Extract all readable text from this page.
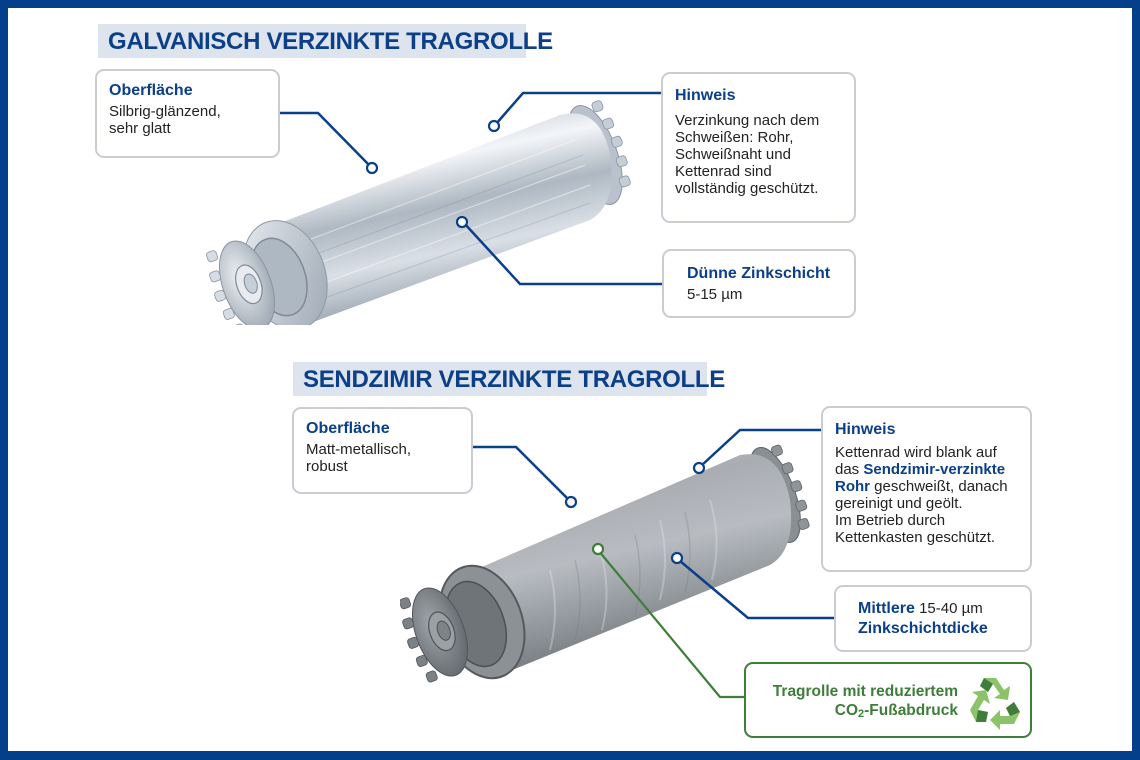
GALVANISCH VERZINKTE TRAGROLLE
Oberfläche
Silbrig-glänzend,
sehr glatt
Hinweis
Verzinkung nach dem
Schweißen: Rohr,
Schweißnaht und
Kettenrad sind
vollständig geschützt.
Dünne Zinkschicht
5-15 µm
SENDZIMIR VERZINKTE TRAGROLLE
Oberfläche
Matt-metallisch,
robust
Hinweis
Kettenrad wird blank auf
das Sendzimir-verzinkte
Rohr geschweißt, danach
gereinigt und geölt.
Im Betrieb durch
Kettenkasten geschützt.
Mittlere 15-40 µm
Zinkschichtdicke
Tragrolle mit reduziertem
$CO_2$-Fußabdruck
